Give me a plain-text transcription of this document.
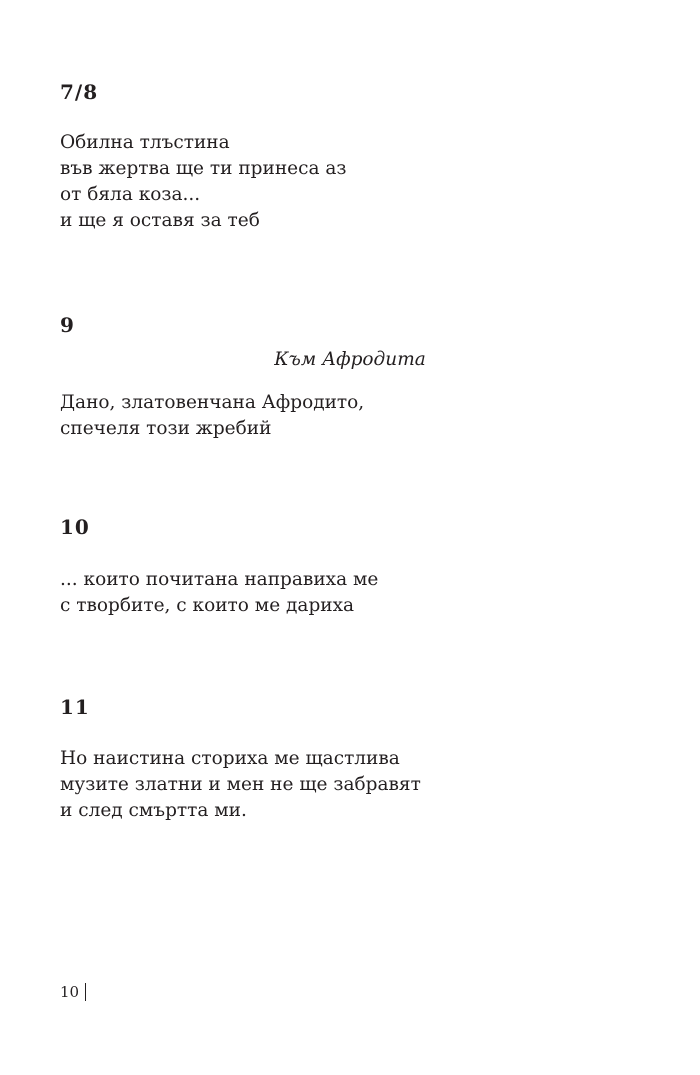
7/8
Обилна тлъстина
във жертва ще ти принеса аз
от бяла коза...
и ще я оставя за теб
9
Към Афродита
Дано, златовенчана Афродито,
спечеля този жребий
10
... които почитана направиха ме
с творбите, с които ме дариха
11
Но наистина сториха ме щастлива
музите златни и мен не ще забравят
и след смъртта ми.
10
